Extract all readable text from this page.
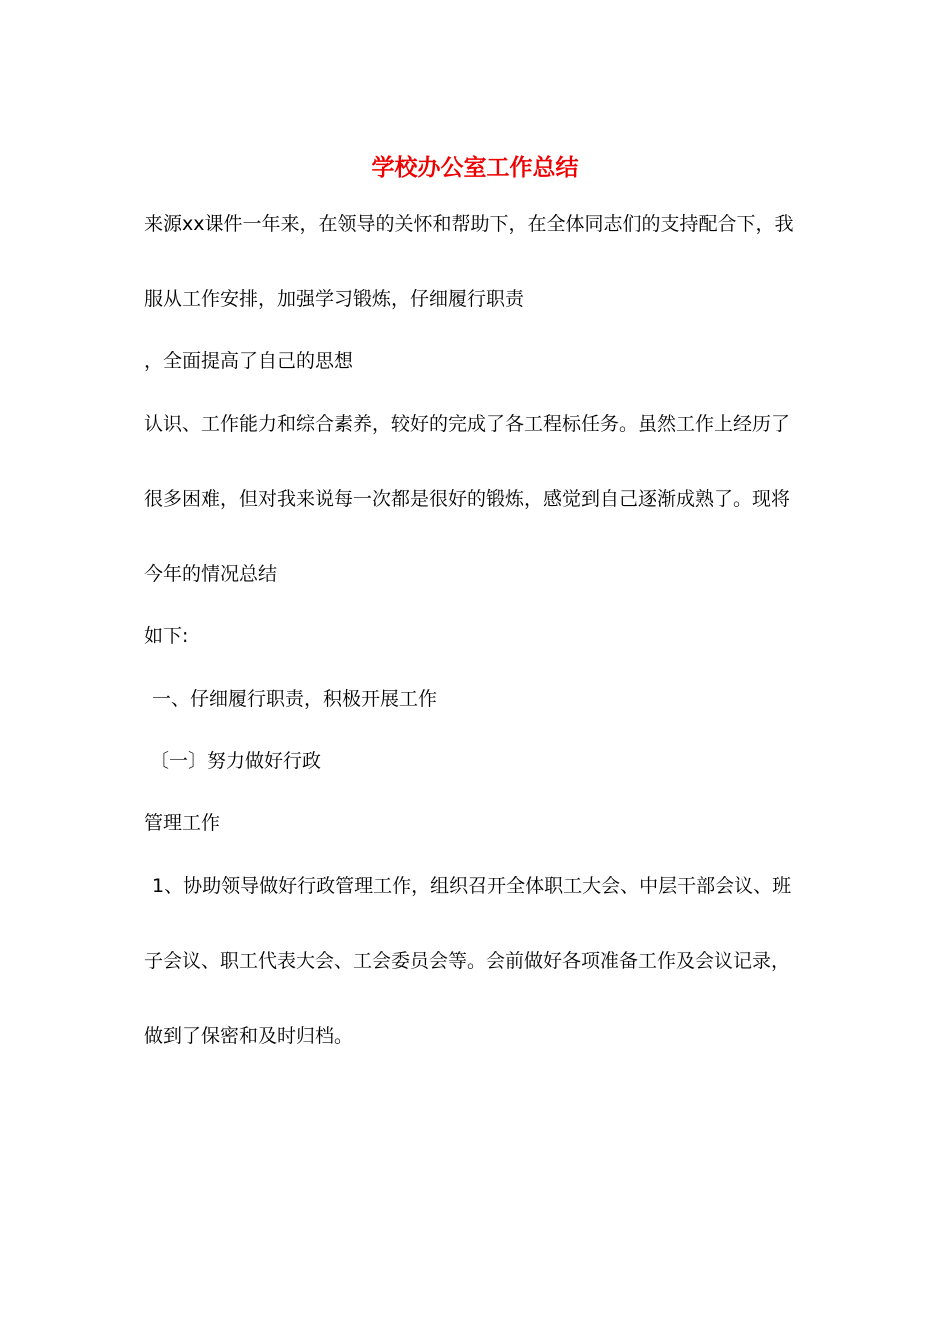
学校办公室工作总结
来源xx课件一年来，在领导的关怀和帮助下，在全体同志们的支持配合下，我
服从工作安排，加强学习锻炼，仔细履行职责
，全面提高了自己的思想
认识、工作能力和综合素养，较好的完成了各工程标任务。虽然工作上经历了
很多困难，但对我来说每一次都是很好的锻炼，感觉到自己逐渐成熟了。现将
今年的情况总结
如下:
一、仔细履行职责，积极开展工作
〔一〕努力做好行政
管理工作
1、协助领导做好行政管理工作，组织召开全体职工大会、中层干部会议、班
子会议、职工代表大会、工会委员会等。会前做好各项准备工作及会议记录，
做到了保密和及时归档。
